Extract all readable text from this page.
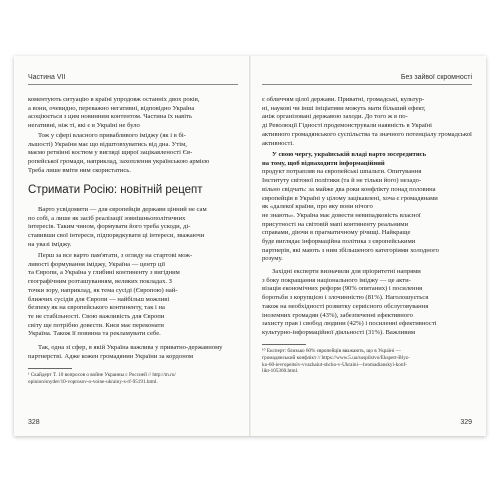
Частина VII
коментують ситуацію в країні упродовж останніх двох років,
а вони, очевидно, переважно негативні, відповідно Україна
асоціюється з цим новинним контентом. Частина їх навіть
негативні, ніж ті, які є в Україні не було
Тож у сфері власного привабливого іміджу (як і в бі-
льшості) України має що відштовхуватись від дна. Утім,
маємо ретвінні костюм у вигляді щирої зацікавленості Єв-
ропейської громади, наприклад, захоплення українською армією
Треба лише вміти ним скористатись.
Стримати Росію: новітній рецепт
Варто усвідомити — для європейців держави цінний не сам
по собі, а лише як засіб реалізації зовнішньополітичних
інтересів. Таким чином, формувати його треба ускоди, ді-
ставивши свої інтереси, підпорядкувати ці інтереси, зважаючи
на увазі іміджу.
Перш за все варто пам'ятати, з огляду на стартові мож-
ливості формування іміджу, Україна — центр ції
та Європи, а Україна у глибині континенту з вигідним
географічним розташуванням, великих покладах. З
точки зору, наприклад, як тема сусіді (Європою) най-
ближчих сусідів для Європи — найбільш можливі
безпеку як на європейського континенту, так і на
те не стабільності. Свою важливість для Європи
світу ще потрібно довести. Києв має переконати
Україна. Також її повинна та рекламувати себе.
Так, одна зі сфер, в якій Україна важлива у приватно-державному
партнерстві. Адже кожен громадянин України за кордоном
¹ Скайдерт Т. 10 вопросов о войне Украины с Россией // http://m.ru/
opinion/snyder/10-voprosov-o-voine-ukrainy-s-rf-95191.html.
328
Без зайвої скромності
є обличчям цілої держави. Приватні, громадські, культур-
ні, наукові чи інші ініціативи можуть мати більший ефект,
аніж організовані державою заходи. До того ж в по-
ді Революції Гідності продемонстрували наявність в Україні
активного громадянського суспільства та значного потенціалу громадської
активності.
У свою чергу, українській владі варто зосередитись
на тому, щоб віднаходити інформаційний
продукт потрапляв на європейські шпальти. Опитування
Інституту світової політики (та й не тільки його) незадо-
вільно свідчать: за майже два роки конфлікту понад половина
європейців в Україні у цілому зацікавлені, хоча є громадянами
як «далекої країни, про яку вони нічого
не знають». Україна має довести невипадковість власної
присутності на світовій мапі континенту реальними
справами, діючи в прагматичному річищі. Найкраще
буде виглядає інформаційна політика з європейськими
партнерів, які мають з ним збільшеного категоріями холодного
розуму.
Західні експерти визначили для пріоритетні напрями
з боку покращання національного іміджу — це акти-
візація економічних реформ (90% опитаних) і посилення
боротьби з корупцією і злочинністю (81%). Наголошується
також на необхідності розвитку сервісного обслуговування
іноземних громадян (43%), забезпеченні ефективного
захисту прав і свобод людини (42%) і посиленні ефективності
культурно-інформаційної діяльності (31%). Важливим
¹⁰ Експерт: близько 60% європейців вважають, що в Україні —
громадянський конфлікт // https://www.5.ua/suspilstvo/Ekspert-Blyz-
ko-60-ievropeitsiv-vvazhaiut-shcho-v-Ukraini—hromadianskyi-konf-
likt-105360.html.
329
